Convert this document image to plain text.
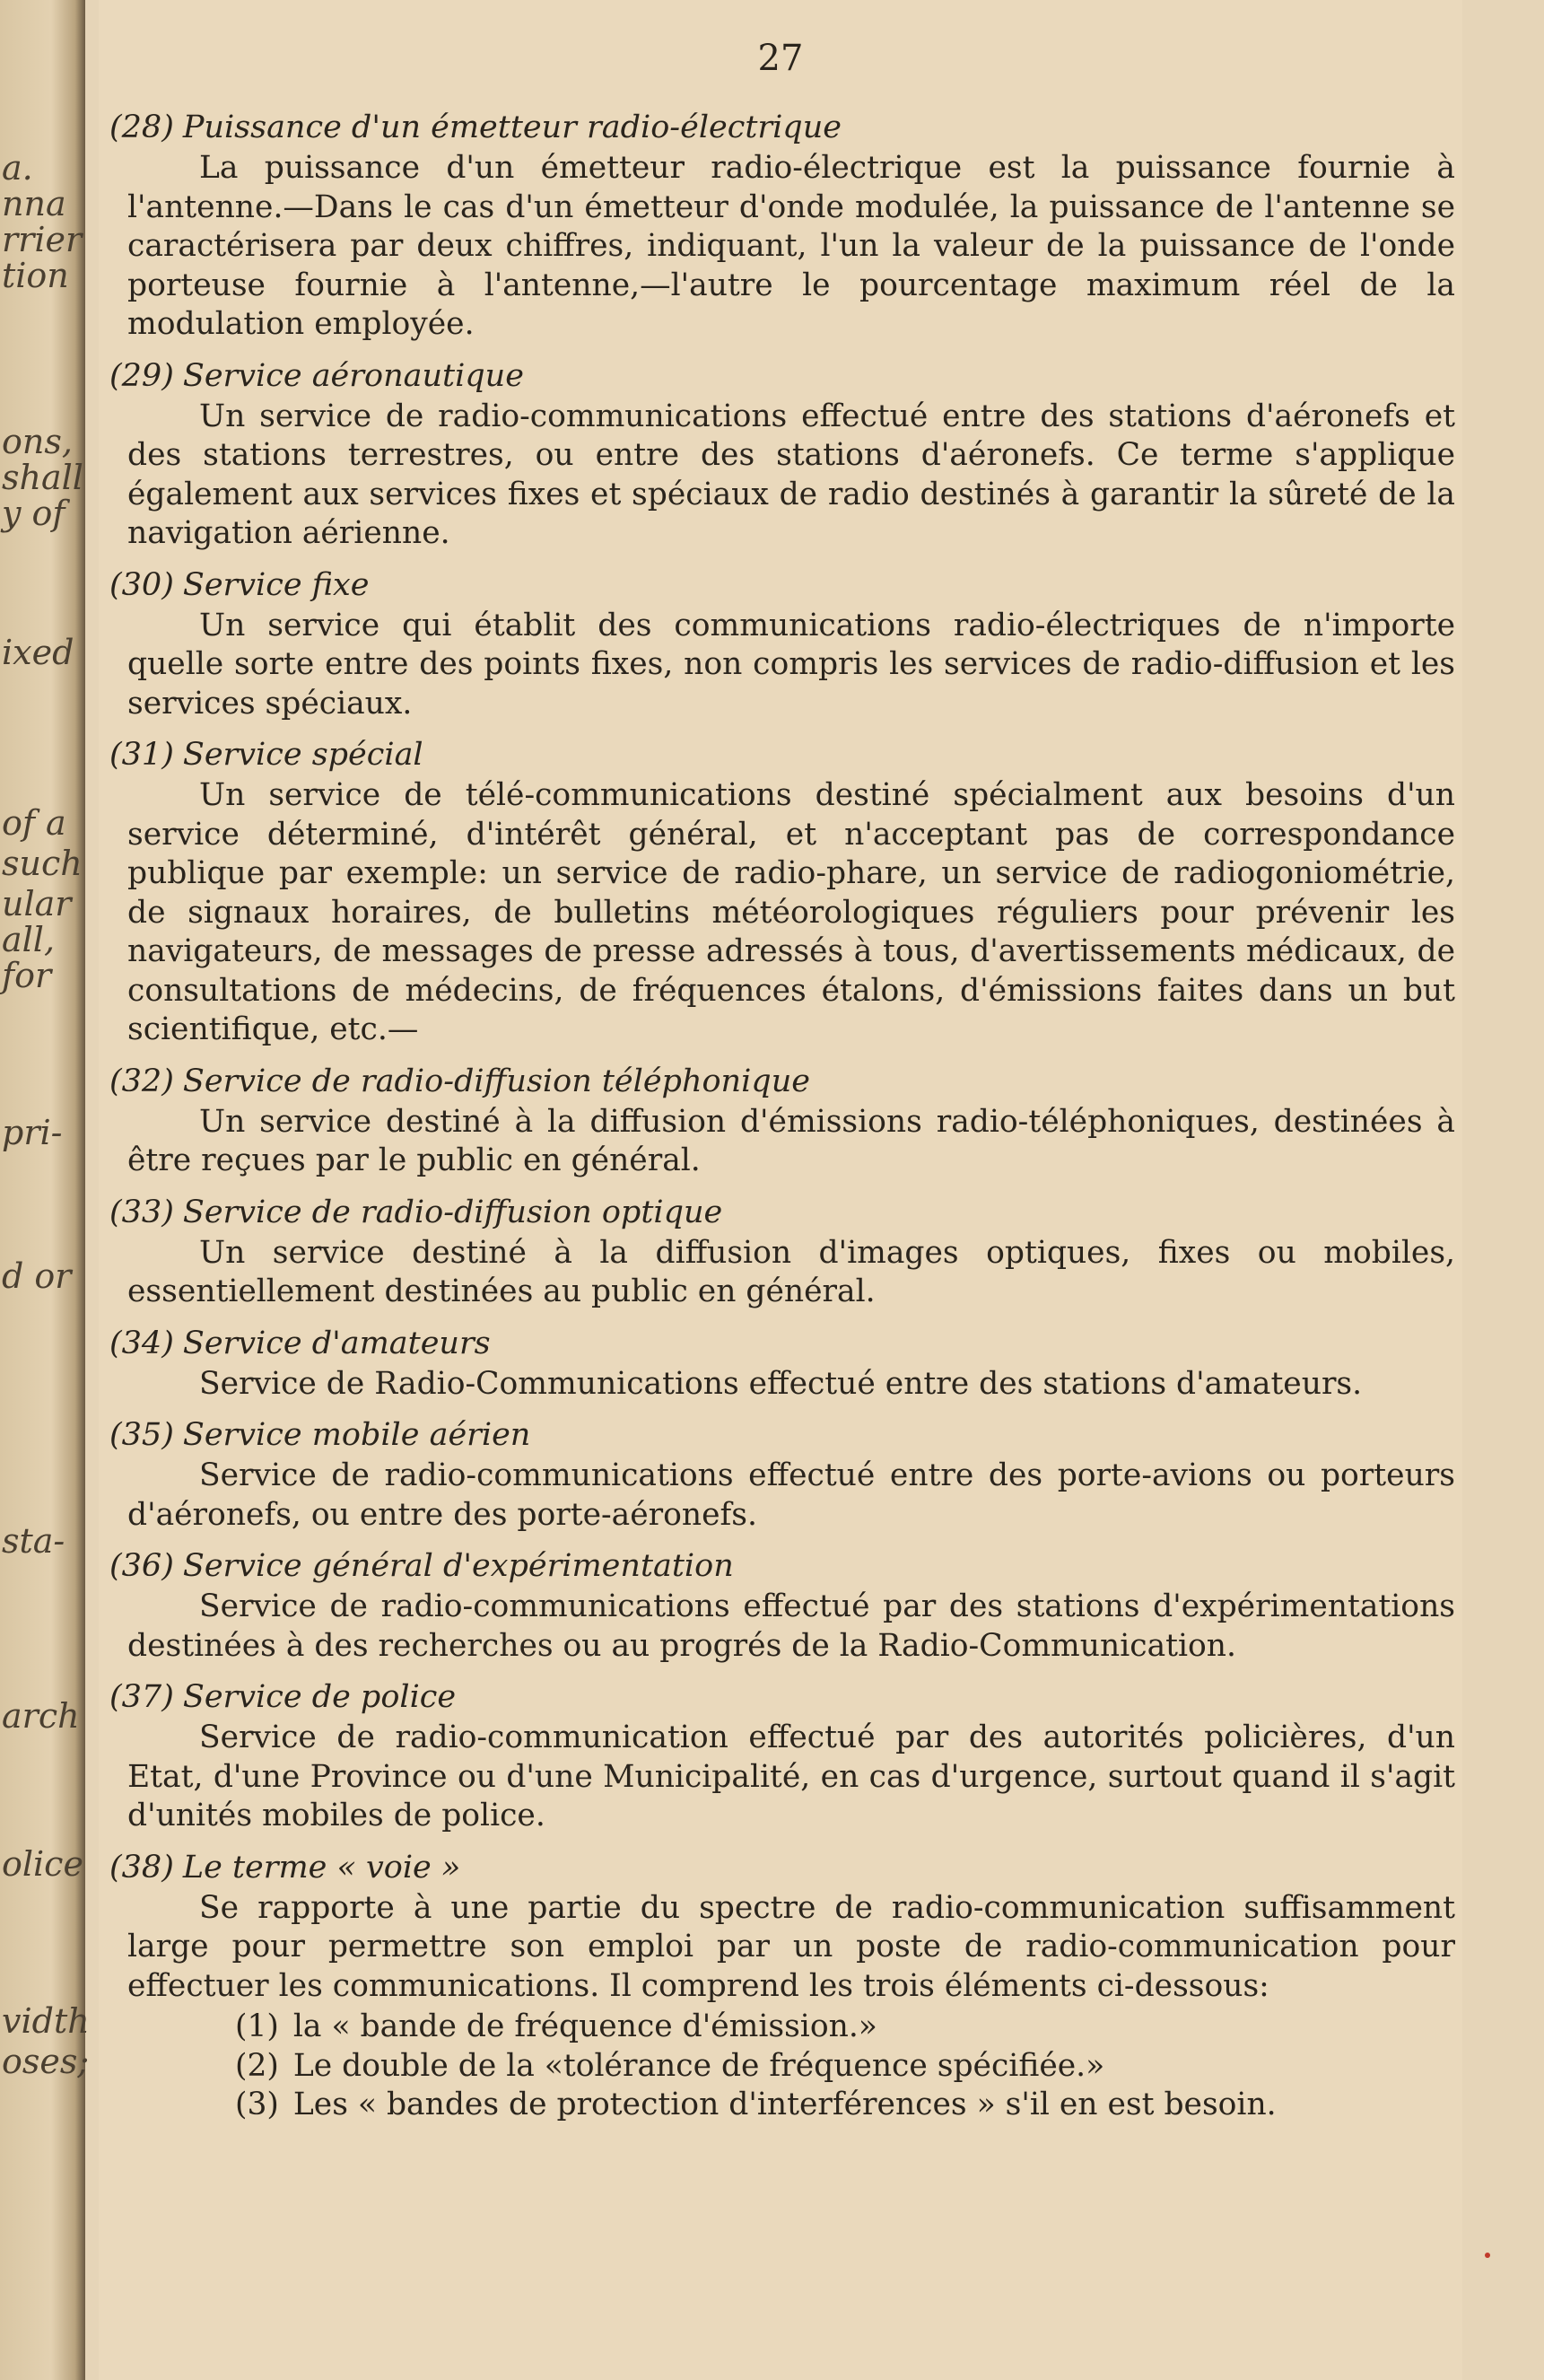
a.
nna
rrier
tion
ons,
shall
y of
ixed
of a
such
ular
all,
for
pri-
d or
sta-
arch
olice
vidth
oses;
27
(28) Puissance d'un émetteur radio-électrique

La puissance d'un émetteur radio-électrique est la puissance fournie à l'antenne.—Dans le cas d'un émetteur d'onde modulée, la puissance de l'antenne se caractérisera par deux chiffres, indiquant, l'un la valeur de la puissance de l'onde porteuse fournie à l'antenne,—l'autre le pourcentage maximum réel de la modulation employée.

(29) Service aéronautique

Un service de radio-communications effectué entre des stations d'aéronefs et des stations terrestres, ou entre des stations d'aéronefs. Ce terme s'applique également aux services fixes et spéciaux de radio destinés à garantir la sûreté de la navigation aérienne.

(30) Service fixe

Un service qui établit des communications radio-électriques de n'importe quelle sorte entre des points fixes, non compris les services de radio-diffusion et les services spéciaux.

(31) Service spécial

Un service de télé-communications destiné spécialment aux besoins d'un service déterminé, d'intérêt général, et n'acceptant pas de correspondance publique par exemple: un service de radio-phare, un service de radiogoniométrie, de signaux horaires, de bulletins météorologiques réguliers pour prévenir les navigateurs, de messages de presse adressés à tous, d'avertissements médicaux, de consultations de médecins, de fréquences étalons, d'émissions faites dans un but scientifique, etc.—

(32) Service de radio-diffusion téléphonique

Un service destiné à la diffusion d'émissions radio-téléphoniques, destinées à être reçues par le public en général.

(33) Service de radio-diffusion optique

Un service destiné à la diffusion d'images optiques, fixes ou mobiles, essentiellement destinées au public en général.

(34) Service d'amateurs

Service de Radio-Communications effectué entre des stations d'amateurs.

(35) Service mobile aérien

Service de radio-communications effectué entre des porte-avions ou porteurs d'aéronefs, ou entre des porte-aéronefs.

(36) Service général d'expérimentation

Service de radio-communications effectué par des stations d'expérimentations destinées à des recherches ou au progrés de la Radio-Communication.

(37) Service de police

Service de radio-communication effectué par des autorités policières, d'un Etat, d'une Province ou d'une Municipalité, en cas d'urgence, surtout quand il s'agit d'unités mobiles de police.

(38) Le terme « voie »

Se rapporte à une partie du spectre de radio-communication suffisamment large pour permettre son emploi par un poste de radio-communication pour effectuer les communications. Il comprend les trois éléments ci-dessous:

(1) la « bande de fréquence d'émission.»
(2) Le double de la «tolérance de fréquence spécifiée.»
(3) Les « bandes de protection d'interférences » s'il en est besoin.
